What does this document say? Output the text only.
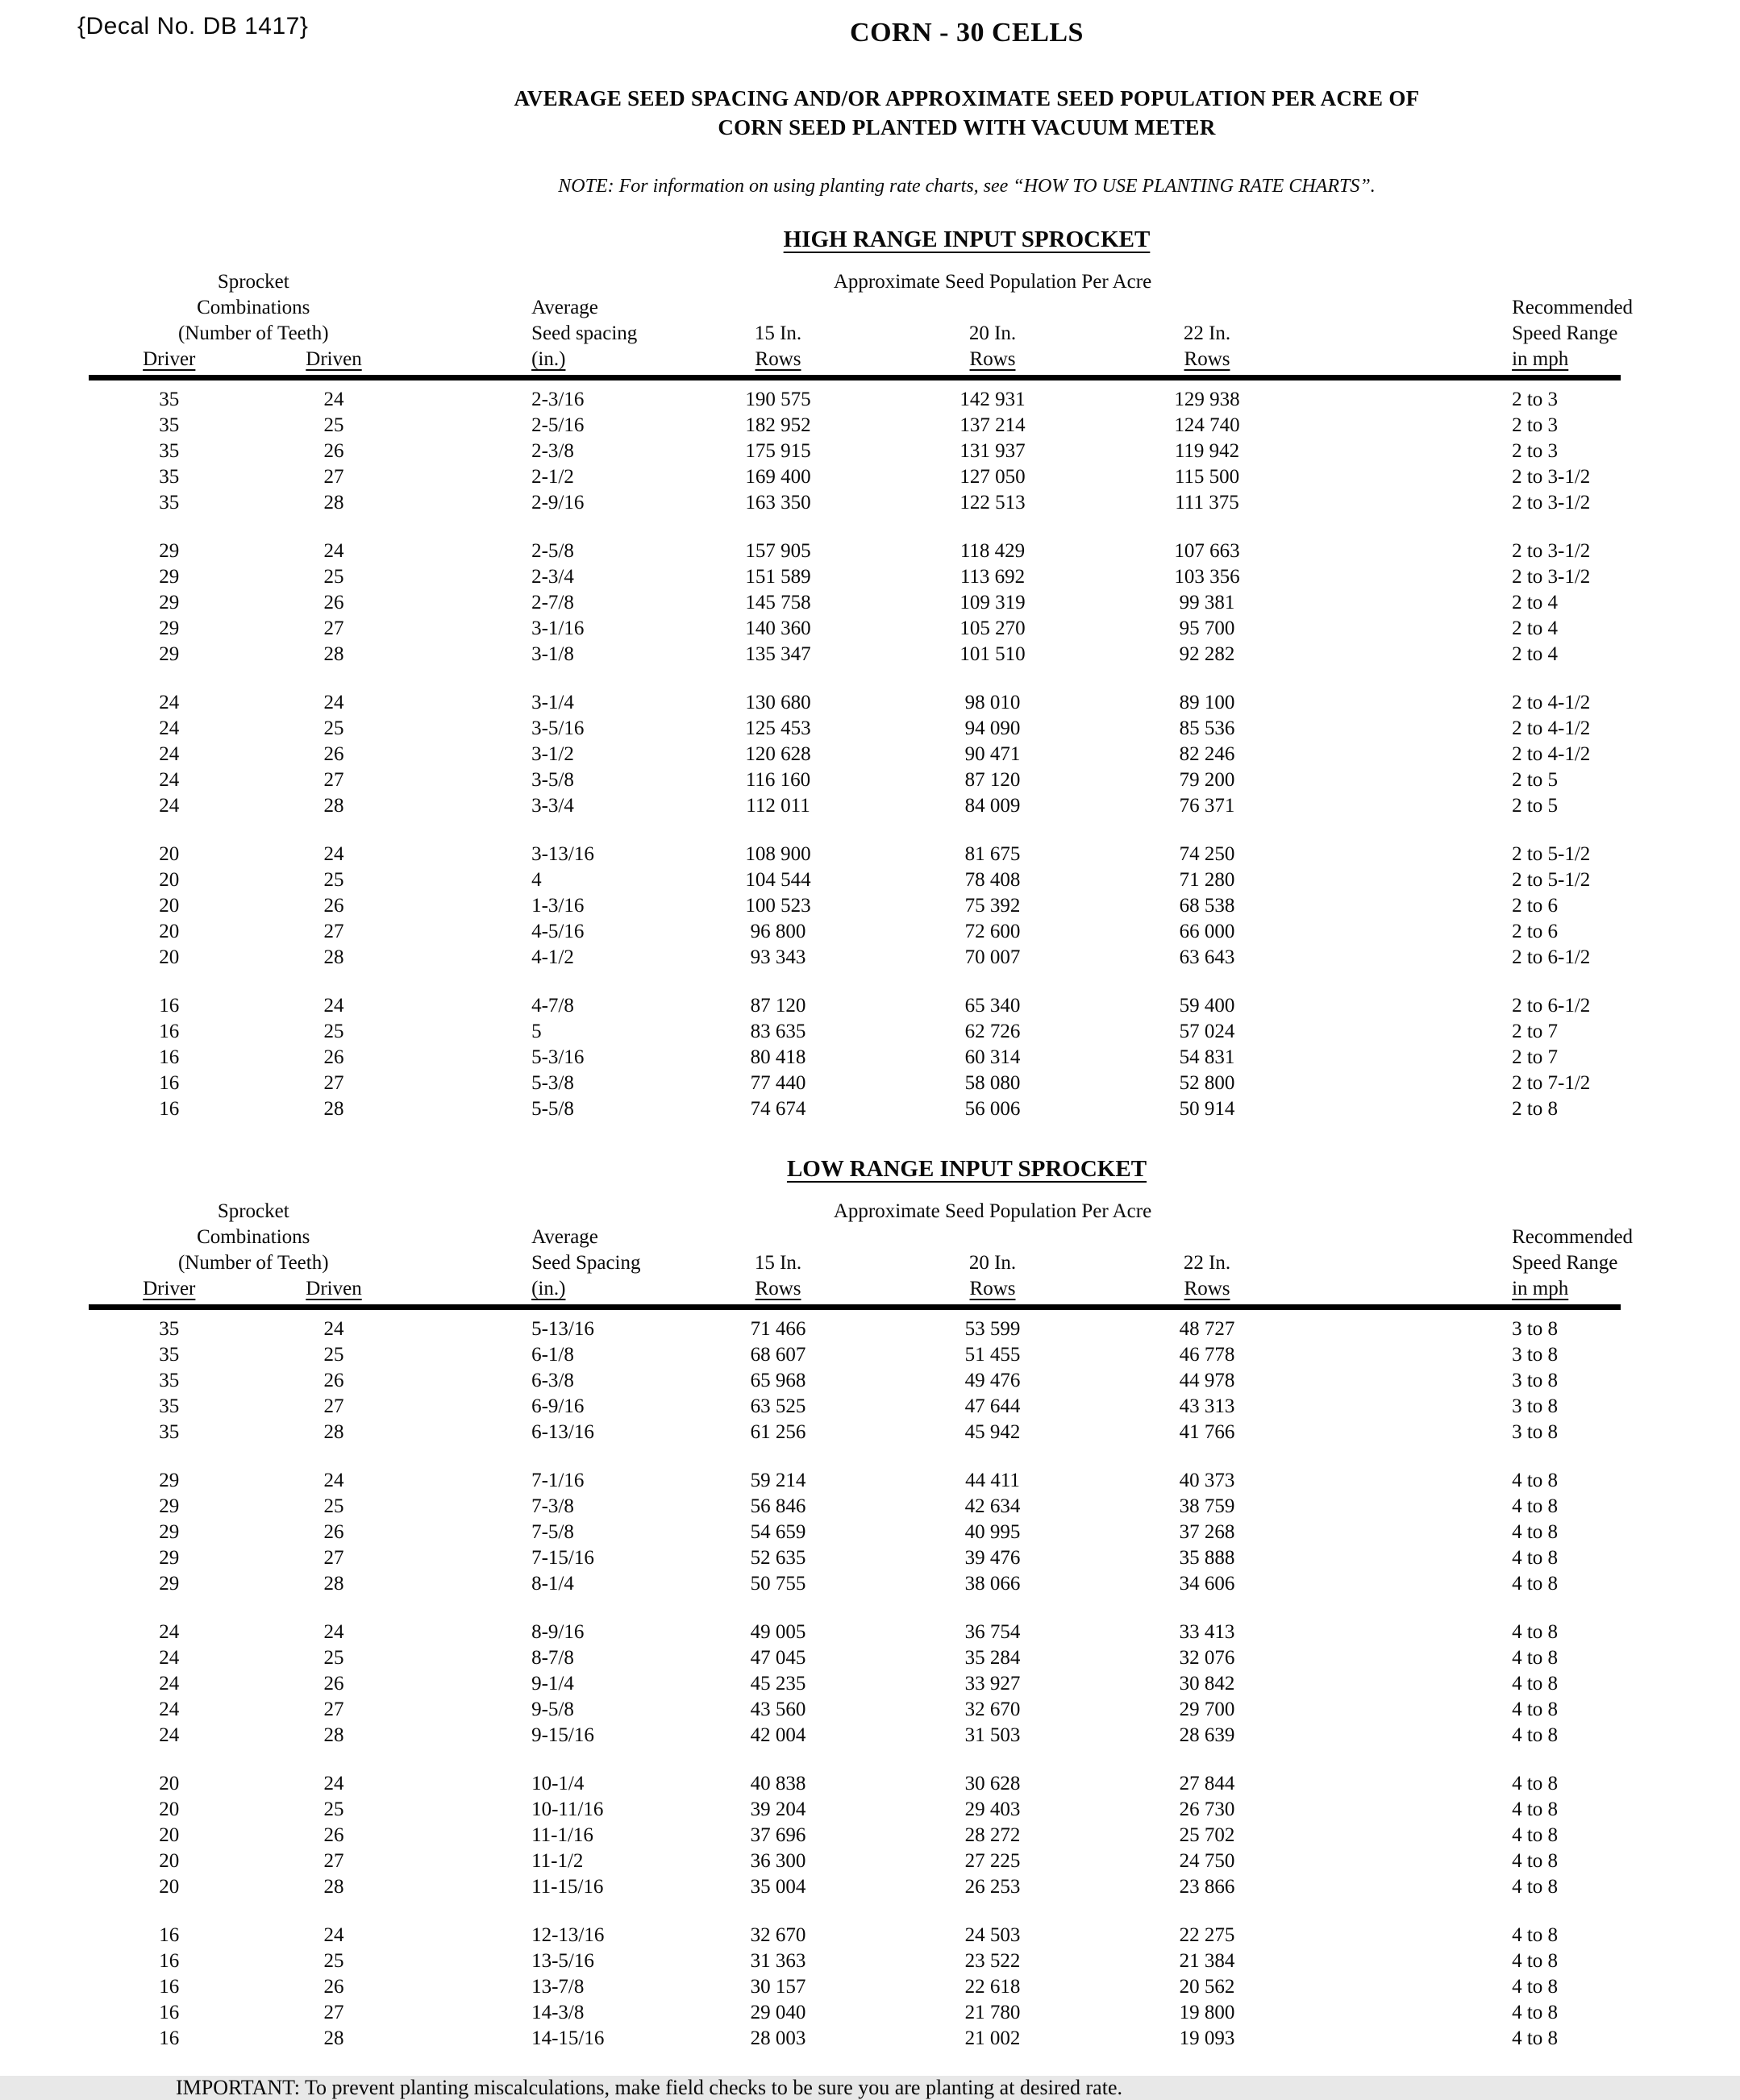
{Decal No. DB 1417}	CORN - 30 CELLS
AVERAGE SEED SPACING AND/OR APPROXIMATE SEED POPULATION PER ACRE OF
CORN SEED PLANTED WITH VACUUM METER
NOTE: For information on using planting rate charts, see “HOW TO USE PLANTING RATE CHARTS”.
HIGH RANGE INPUT SPROCKET
Sprocket			Approximate Seed Population Per Acre			
Combinations		Average				Recommended
(Number of Teeth)		Seed spacing	15 In.	20 In.	22 In.	Speed Range
Driver	Driven	(in.)	Rows	Rows	Rows	in mph
35	24	2-3/16	190 575	142 931	129 938	2 to 3
35	25	2-5/16	182 952	137 214	124 740	2 to 3
35	26	2-3/8	175 915	131 937	119 942	2 to 3
35	27	2-1/2	169 400	127 050	115 500	2 to 3-1/2
35	28	2-9/16	163 350	122 513	111 375	2 to 3-1/2

29	24	2-5/8	157 905	118 429	107 663	2 to 3-1/2
29	25	2-3/4	151 589	113 692	103 356	2 to 3-1/2
29	26	2-7/8	145 758	109 319	99 381	2 to 4
29	27	3-1/16	140 360	105 270	95 700	2 to 4
29	28	3-1/8	135 347	101 510	92 282	2 to 4

24	24	3-1/4	130 680	98 010	89 100	2 to 4-1/2
24	25	3-5/16	125 453	94 090	85 536	2 to 4-1/2
24	26	3-1/2	120 628	90 471	82 246	2 to 4-1/2
24	27	3-5/8	116 160	87 120	79 200	2 to 5
24	28	3-3/4	112 011	84 009	76 371	2 to 5

20	24	3-13/16	108 900	81 675	74 250	2 to 5-1/2
20	25	4	104 544	78 408	71 280	2 to 5-1/2
20	26	1-3/16	100 523	75 392	68 538	2 to 6
20	27	4-5/16	96 800	72 600	66 000	2 to 6
20	28	4-1/2	93 343	70 007	63 643	2 to 6-1/2

16	24	4-7/8	87 120	65 340	59 400	2 to 6-1/2
16	25	5	83 635	62 726	57 024	2 to 7
16	26	5-3/16	80 418	60 314	54 831	2 to 7
16	27	5-3/8	77 440	58 080	52 800	2 to 7-1/2
16	28	5-5/8	74 674	56 006	50 914	2 to 8
LOW RANGE INPUT SPROCKET
Sprocket			Approximate Seed Population Per Acre			
Combinations		Average				Recommended
(Number of Teeth)		Seed Spacing	15 In.	20 In.	22 In.	Speed Range
Driver	Driven	(in.)	Rows	Rows	Rows	in mph
35	24	5-13/16	71 466	53 599	48 727	3 to 8
35	25	6-1/8	68 607	51 455	46 778	3 to 8
35	26	6-3/8	65 968	49 476	44 978	3 to 8
35	27	6-9/16	63 525	47 644	43 313	3 to 8
35	28	6-13/16	61 256	45 942	41 766	3 to 8

29	24	7-1/16	59 214	44 411	40 373	4 to 8
29	25	7-3/8	56 846	42 634	38 759	4 to 8
29	26	7-5/8	54 659	40 995	37 268	4 to 8
29	27	7-15/16	52 635	39 476	35 888	4 to 8
29	28	8-1/4	50 755	38 066	34 606	4 to 8

24	24	8-9/16	49 005	36 754	33 413	4 to 8
24	25	8-7/8	47 045	35 284	32 076	4 to 8
24	26	9-1/4	45 235	33 927	30 842	4 to 8
24	27	9-5/8	43 560	32 670	29 700	4 to 8
24	28	9-15/16	42 004	31 503	28 639	4 to 8

20	24	10-1/4	40 838	30 628	27 844	4 to 8
20	25	10-11/16	39 204	29 403	26 730	4 to 8
20	26	11-1/16	37 696	28 272	25 702	4 to 8
20	27	11-1/2	36 300	27 225	24 750	4 to 8
20	28	11-15/16	35 004	26 253	23 866	4 to 8

16	24	12-13/16	32 670	24 503	22 275	4 to 8
16	25	13-5/16	31 363	23 522	21 384	4 to 8
16	26	13-7/8	30 157	22 618	20 562	4 to 8
16	27	14-3/8	29 040	21 780	19 800	4 to 8
16	28	14-15/16	28 003	21 002	19 093	4 to 8
IMPORTANT: To prevent planting miscalculations, make field checks to be sure you are planting at desired rate.
